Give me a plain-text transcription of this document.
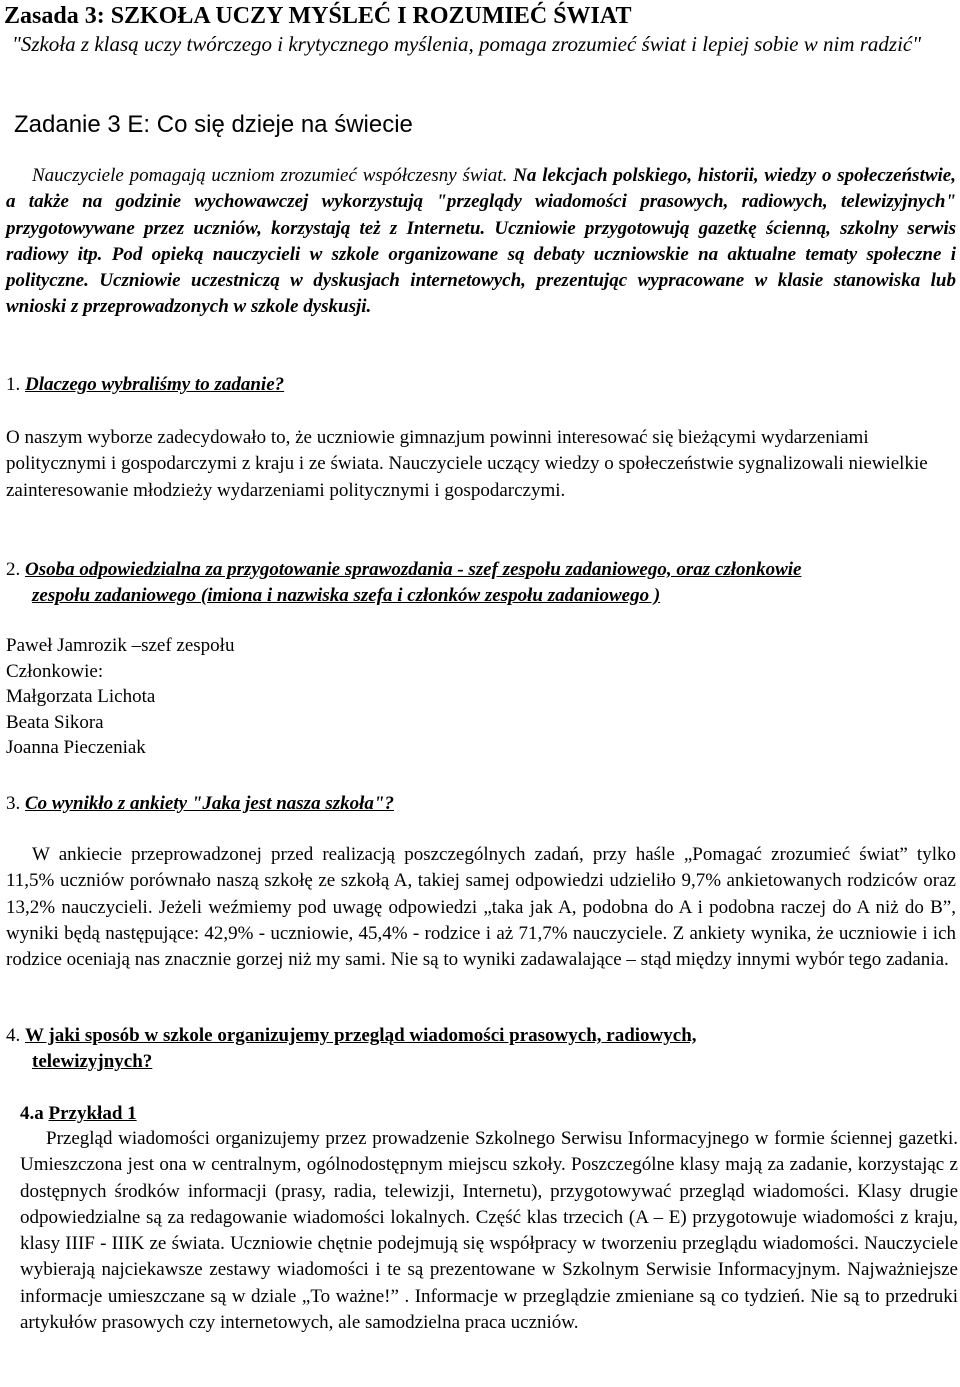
Zasada 3: SZKOŁA UCZY MYŚLEĆ I ROZUMIEĆ ŚWIAT
"Szkoła z klasą uczy twórczego i krytycznego myślenia, pomaga zrozumieć świat i lepiej sobie w nim radzić"
Zadanie 3 E: Co się dzieje na świecie
Nauczyciele pomagają uczniom zrozumieć współczesny świat. Na lekcjach polskiego, historii, wiedzy o społeczeństwie, a także na godzinie wychowawczej wykorzystują "przeglądy wiadomości prasowych, radiowych, telewizyjnych" przygotowywane przez uczniów, korzystają też z Internetu. Uczniowie przygotowują gazetkę ścienną, szkolny serwis radiowy itp. Pod opieką nauczycieli w szkole organizowane są debaty uczniowskie na aktualne tematy społeczne i polityczne. Uczniowie uczestniczą w dyskusjach internetowych, prezentując wypracowane w klasie stanowiska lub wnioski z przeprowadzonych w szkole dyskusji.
1. Dlaczego wybraliśmy to zadanie?
O naszym wyborze zadecydowało to, że uczniowie gimnazjum powinni interesować się bieżącymi wydarzeniami politycznymi i gospodarczymi z kraju i ze świata. Nauczyciele uczący wiedzy o społeczeństwie sygnalizowali niewielkie zainteresowanie młodzieży wydarzeniami politycznymi i gospodarczymi.
2. Osoba odpowiedzialna za przygotowanie sprawozdania - szef zespołu zadaniowego, oraz członkowie
zespołu zadaniowego (imiona i nazwiska szefa i członków zespołu zadaniowego )
Paweł Jamrozik –szef zespołu
Członkowie:
Małgorzata Lichota
Beata Sikora
Joanna Pieczeniak
3. Co wynikło z ankiety "Jaka jest nasza szkoła"?
W ankiecie przeprowadzonej przed realizacją poszczególnych zadań, przy haśle „Pomagać zrozumieć świat” tylko 11,5% uczniów porównało naszą szkołę ze szkołą A, takiej samej odpowiedzi udzieliło 9,7% ankietowanych rodziców oraz 13,2% nauczycieli. Jeżeli weźmiemy pod uwagę odpowiedzi „taka jak A, podobna do A i podobna raczej do A niż do B”, wyniki będą następujące: 42,9% - uczniowie, 45,4% - rodzice i aż 71,7% nauczyciele. Z ankiety wynika, że uczniowie i ich rodzice oceniają nas znacznie gorzej niż my sami. Nie są to wyniki zadawalające – stąd między innymi wybór tego zadania.
4. W jaki sposób w szkole organizujemy przegląd wiadomości prasowych, radiowych,
telewizyjnych?
4.a Przykład 1
Przegląd wiadomości organizujemy przez prowadzenie Szkolnego Serwisu Informacyjnego w formie ściennej gazetki. Umieszczona jest ona w centralnym, ogólnodostępnym miejscu szkoły. Poszczególne klasy mają za zadanie, korzystając z dostępnych środków informacji (prasy, radia, telewizji, Internetu), przygotowywać przegląd wiadomości. Klasy drugie odpowiedzialne są za redagowanie wiadomości lokalnych. Część klas trzecich (A – E) przygotowuje wiadomości z kraju, klasy IIIF - IIIK ze świata. Uczniowie chętnie podejmują się współpracy w tworzeniu przeglądu wiadomości. Nauczyciele wybierają najciekawsze zestawy wiadomości i te są prezentowane w Szkolnym Serwisie Informacyjnym. Najważniejsze informacje umieszczane są w dziale „To ważne!” . Informacje w przeglądzie zmieniane są co tydzień. Nie są to przedruki artykułów prasowych czy internetowych, ale samodzielna praca uczniów.
